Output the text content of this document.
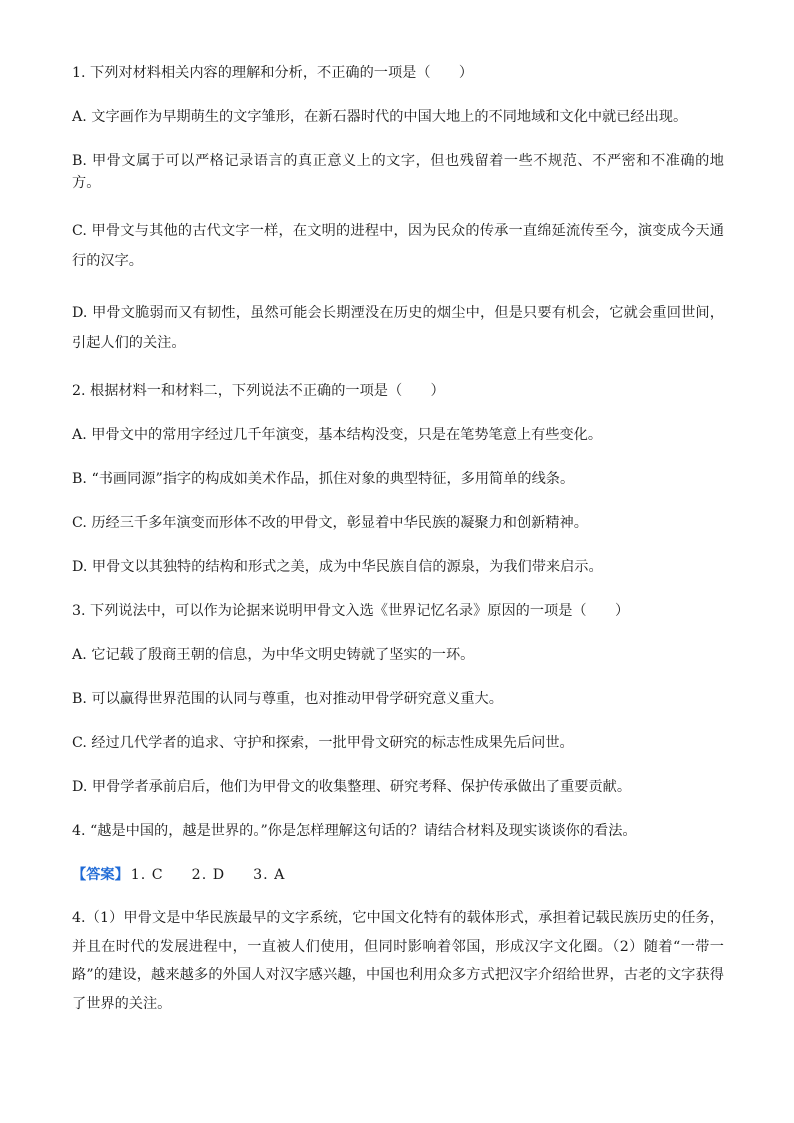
1. 下列对材料相关内容的理解和分析，不正确的一项是（　　）

A. 文字画作为早期萌生的文字雏形，在新石器时代的中国大地上的不同地域和文化中就已经出现。

B. 甲骨文属于可以严格记录语言的真正意义上的文字，但也残留着一些不规范、不严密和不准确的地方。

C. 甲骨文与其他的古代文字一样，在文明的进程中，因为民众的传承一直绵延流传至今，演变成今天通行的汉字。

D. 甲骨文脆弱而又有韧性，虽然可能会长期湮没在历史的烟尘中，但是只要有机会，它就会重回世间，引起人们的关注。

2. 根据材料一和材料二，下列说法不正确的一项是（　　）

A. 甲骨文中的常用字经过几千年演变，基本结构没变，只是在笔势笔意上有些变化。

B. “书画同源”指字的构成如美术作品，抓住对象的典型特征，多用简单的线条。

C. 历经三千多年演变而形体不改的甲骨文，彰显着中华民族的凝聚力和创新精神。

D. 甲骨文以其独特的结构和形式之美，成为中华民族自信的源泉，为我们带来启示。

3. 下列说法中，可以作为论据来说明甲骨文入选《世界记忆名录》原因的一项是（　　）

A. 它记载了殷商王朝的信息，为中华文明史铸就了坚实的一环。

B. 可以赢得世界范围的认同与尊重，也对推动甲骨学研究意义重大。

C. 经过几代学者的追求、守护和探索，一批甲骨文研究的标志性成果先后问世。

D. 甲骨学者承前启后，他们为甲骨文的收集整理、研究考释、保护传承做出了重要贡献。

4. “越是中国的，越是世界的。”你是怎样理解这句话的？请结合材料及现实谈谈你的看法。

【答案】 1. C 2. D 3. A

4.（1）甲骨文是中华民族最早的文字系统，它中国文化特有的载体形式，承担着记载民族历史的任务，并且在时代的发展进程中，一直被人们使用，但同时影响着邻国，形成汉字文化圈。（2）随着“一带一路”的建设，越来越多的外国人对汉字感兴趣，中国也利用众多方式把汉字介绍给世界，古老的文字获得了世界的关注。
